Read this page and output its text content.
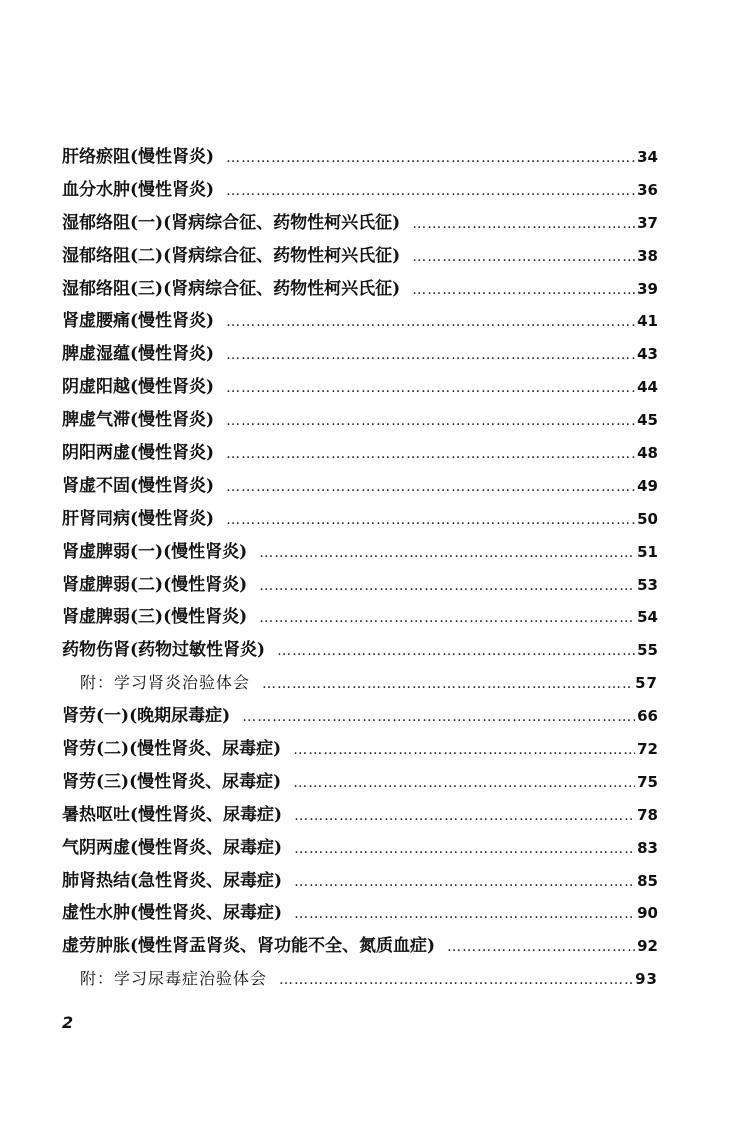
肝络瘀阻(慢性肾炎) …………………………………………………………………………………………………………………………………………………………………………………………	34
血分水肿(慢性肾炎) …………………………………………………………………………………………………………………………………………………………………………………………	36
湿郁络阻(一)(肾病综合征、药物性柯兴氏征) …………………………………………………………………………………………………………………………………………………………………………………………	37
湿郁络阻(二)(肾病综合征、药物性柯兴氏征) …………………………………………………………………………………………………………………………………………………………………………………………	38
湿郁络阻(三)(肾病综合征、药物性柯兴氏征) …………………………………………………………………………………………………………………………………………………………………………………………	39
肾虚腰痛(慢性肾炎) …………………………………………………………………………………………………………………………………………………………………………………………	41
脾虚湿蕴(慢性肾炎) …………………………………………………………………………………………………………………………………………………………………………………………	43
阴虚阳越(慢性肾炎) …………………………………………………………………………………………………………………………………………………………………………………………	44
脾虚气滞(慢性肾炎) …………………………………………………………………………………………………………………………………………………………………………………………	45
阴阳两虚(慢性肾炎) …………………………………………………………………………………………………………………………………………………………………………………………	48
肾虚不固(慢性肾炎) …………………………………………………………………………………………………………………………………………………………………………………………	49
肝肾同病(慢性肾炎) …………………………………………………………………………………………………………………………………………………………………………………………	50
肾虚脾弱(一)(慢性肾炎) …………………………………………………………………………………………………………………………………………………………………………………………	51
肾虚脾弱(二)(慢性肾炎) …………………………………………………………………………………………………………………………………………………………………………………………	53
肾虚脾弱(三)(慢性肾炎) …………………………………………………………………………………………………………………………………………………………………………………………	54
药物伤肾(药物过敏性肾炎) …………………………………………………………………………………………………………………………………………………………………………………………	55
附：学习肾炎治验体会 …………………………………………………………………………………………………………………………………………………………………………………………	57
肾劳(一)(晚期尿毒症) …………………………………………………………………………………………………………………………………………………………………………………………	66
肾劳(二)(慢性肾炎、尿毒症) …………………………………………………………………………………………………………………………………………………………………………………………	72
肾劳(三)(慢性肾炎、尿毒症) …………………………………………………………………………………………………………………………………………………………………………………………	75
暑热呕吐(慢性肾炎、尿毒症) …………………………………………………………………………………………………………………………………………………………………………………………	78
气阴两虚(慢性肾炎、尿毒症) …………………………………………………………………………………………………………………………………………………………………………………………	83
肺肾热结(急性肾炎、尿毒症) …………………………………………………………………………………………………………………………………………………………………………………………	85
虚性水肿(慢性肾炎、尿毒症) …………………………………………………………………………………………………………………………………………………………………………………………	90
虚劳肿胀(慢性肾盂肾炎、肾功能不全、氮质血症) …………………………………………………………………………………………………………………………………………………………………………………………	92
附：学习尿毒症治验体会 …………………………………………………………………………………………………………………………………………………………………………………………	93
2
